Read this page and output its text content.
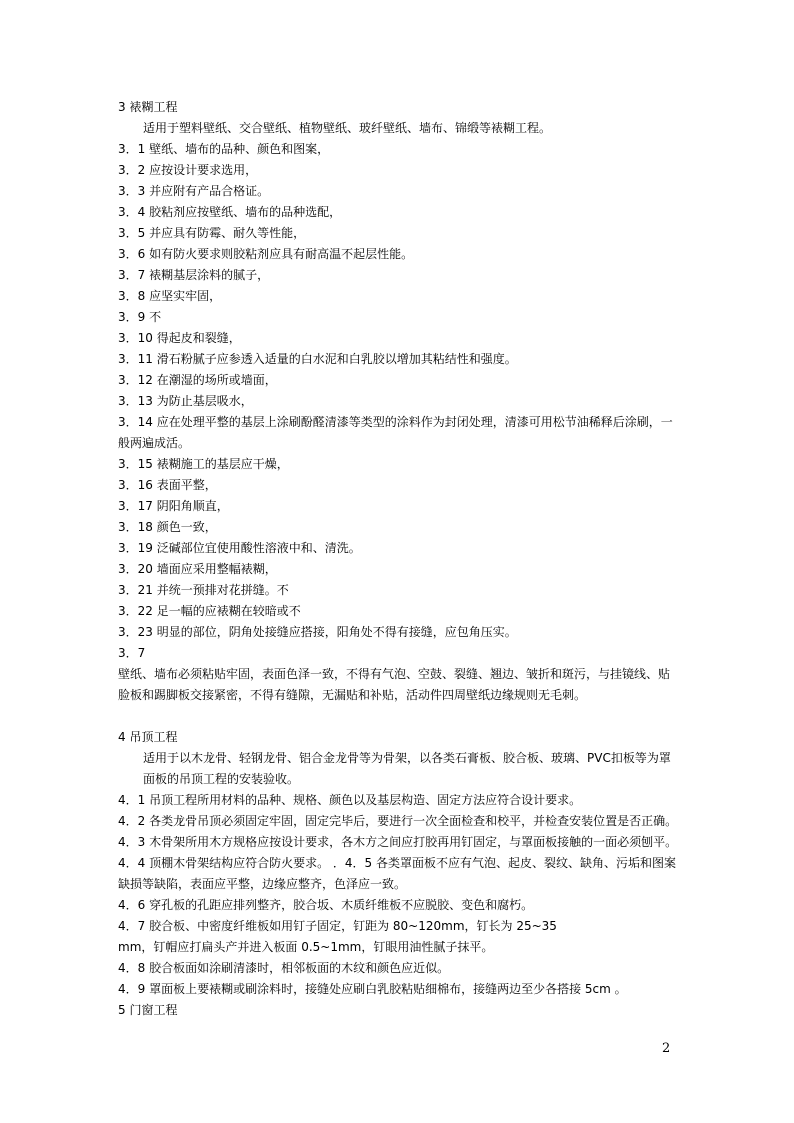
3 裱糊工程
适用于塑料壁纸、交合壁纸、植物壁纸、玻纤壁纸、墙布、锦缎等裱糊工程。
3．1 壁纸、墙布的品种、颜色和图案，
3．2 应按设计要求选用，
3．3 并应附有产品合格证。
3．4 胶粘剂应按壁纸、墙布的品种选配，
3．5 并应具有防霉、耐久等性能，
3．6 如有防火要求则胶粘剂应具有耐高温不起层性能。
3．7 裱糊基层涂料的腻子，
3．8 应坚实牢固，
3．9 不
3．10 得起皮和裂缝，
3．11 滑石粉腻子应参透入适量的白水泥和白乳胶以增加其粘结性和强度。
3．12 在潮湿的场所或墙面，
3．13 为防止基层吸水，
3．14 应在处理平整的基层上涂刷酚醛清漆等类型的涂料作为封闭处理，清漆可用松节油稀释后涂刷，一般两遍成活。
3．15 裱糊施工的基层应干燥，
3．16 表面平整，
3．17 阴阳角顺直，
3．18 颜色一致，
3．19 泛碱部位宜使用酸性溶液中和、清洗。
3．20 墙面应采用整幅裱糊，
3．21 并统一预排对花拼缝。不
3．22 足一幅的应裱糊在较暗或不
3．23 明显的部位，阴角处接缝应搭接，阳角处不得有接缝，应包角压实。
3．7
壁纸、墙布必须粘贴牢固，表面色泽一致，不得有气泡、空鼓、裂缝、翘边、皱折和斑污，与挂镜线、贴脸板和踢脚板交接紧密，不得有缝隙，无漏贴和补贴，活动件四周壁纸边缘规则无毛刺。
4 吊顶工程
适用于以木龙骨、轻钢龙骨、铝合金龙骨等为骨架，以各类石膏板、胶合板、玻璃、PVC扣板等为罩面板的吊顶工程的安装验收。
4．1 吊顶工程所用材料的品种、规格、颜色以及基层构造、固定方法应符合设计要求。
4．2 各类龙骨吊顶必须固定牢固，固定完毕后，要进行一次全面检查和校平，并检查安装位置是否正确。
4．3 木骨架所用木方规格应按设计要求，各木方之间应打胶再用钉固定，与罩面板接触的一面必须刨平。
4．4 顶棚木骨架结构应符合防火要求。 ．4．5 各类罩面板不应有气泡、起皮、裂纹、缺角、污垢和图案缺损等缺陷，表面应平整，边缘应整齐，色泽应一致。
4．6 穿孔板的孔距应排列整齐，胶合坂、木质纤维板不应脱胶、变色和腐朽。
4．7 胶合板、中密度纤维板如用钉子固定，钉距为 80~120mm，钉长为 25~35
mm，钉帽应打扁头产并进入板面 0.5~1mm，钉眼用油性腻子抹平。
4．8 胶合板面如涂刷清漆时，相邻板面的木纹和颜色应近似。
4．9 罩面板上要裱糊或刷涂料时，接缝处应刷白乳胶粘贴细棉布，接缝两边至少各搭接 5cm 。
5 门窗工程
2
